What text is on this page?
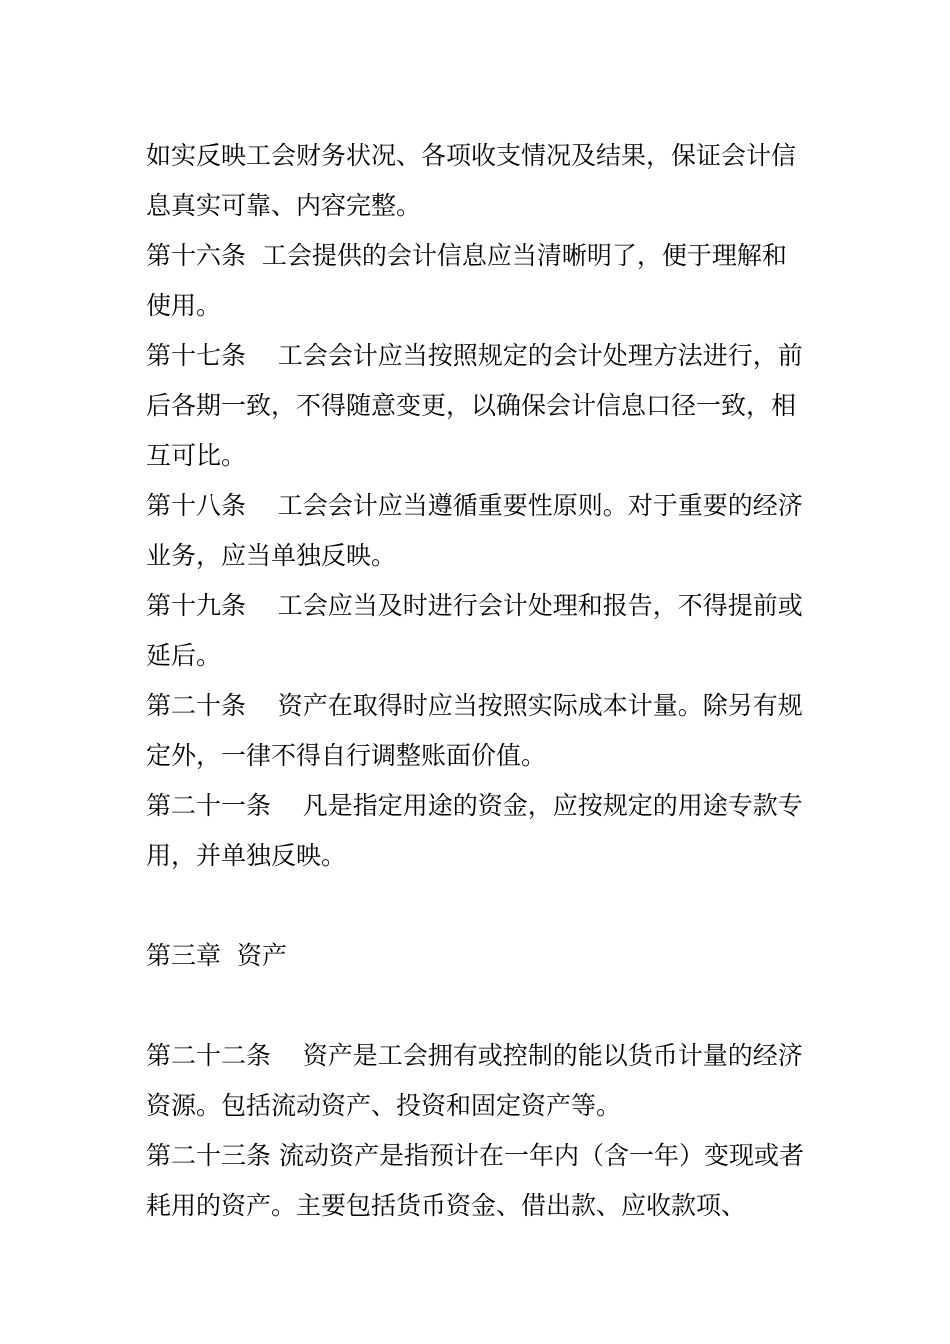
如实反映工会财务状况、各项收支情况及结果，保证会计信息真实可靠、内容完整。

第十六条  工会提供的会计信息应当清晰明了，便于理解和使用。

第十七条    工会会计应当按照规定的会计处理方法进行，前后各期一致，不得随意变更，以确保会计信息口径一致，相互可比。

第十八条    工会会计应当遵循重要性原则。对于重要的经济业务，应当单独反映。

第十九条    工会应当及时进行会计处理和报告，不得提前或延后。

第二十条    资产在取得时应当按照实际成本计量。除另有规定外，一律不得自行调整账面价值。

第二十一条    凡是指定用途的资金，应按规定的用途专款专用，并单独反映。

第三章  资产

第二十二条    资产是工会拥有或控制的能以货币计量的经济资源。包括流动资产、投资和固定资产等。

第二十三条 流动资产是指预计在一年内（含一年）变现或者耗用的资产。主要包括货币资金、借出款、应收款项、
